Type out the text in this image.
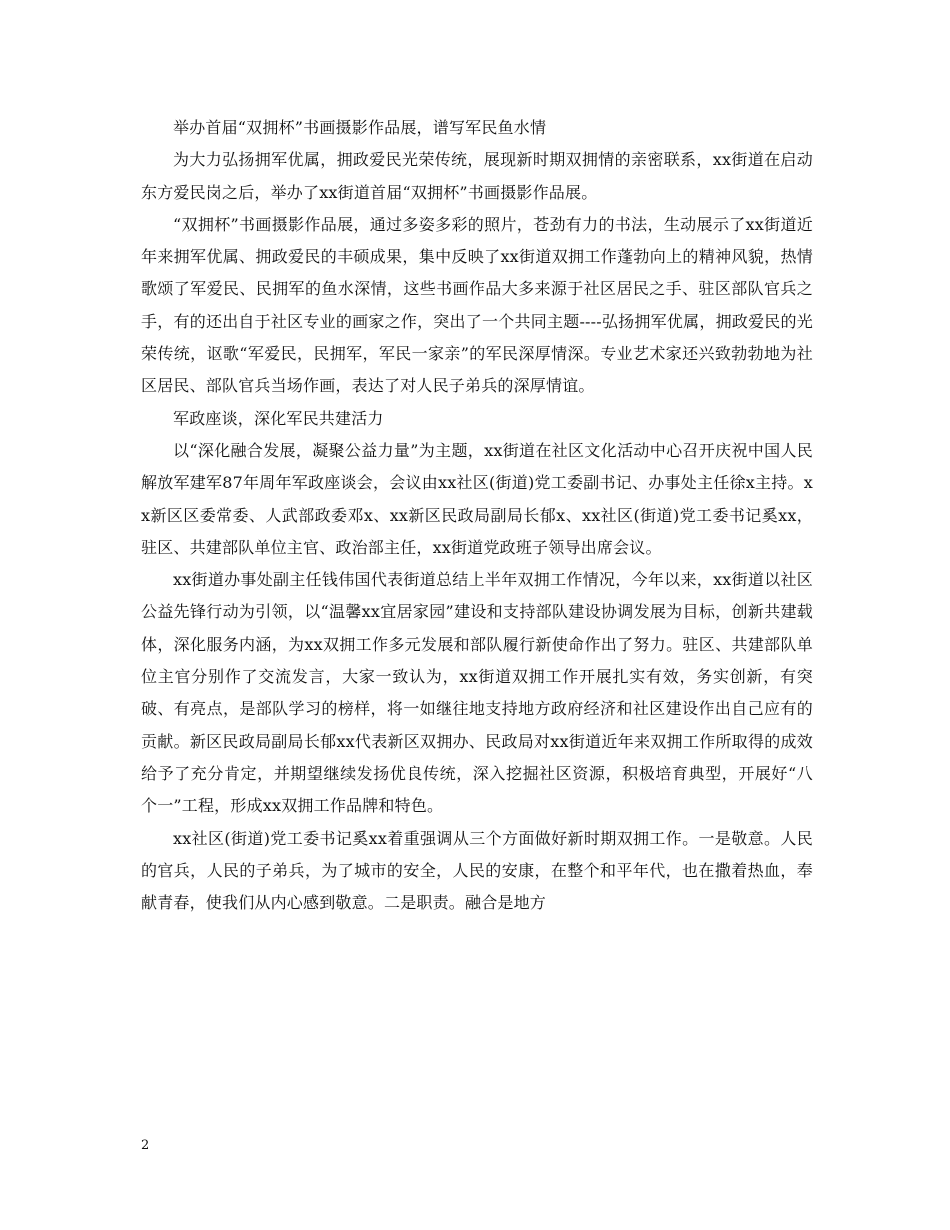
举办首届“双拥杯”书画摄影作品展，谱写军民鱼水情

为大力弘扬拥军优属，拥政爱民光荣传统，展现新时期双拥情的亲密联系，xx街道在启动东方爱民岗之后，举办了xx街道首届“双拥杯”书画摄影作品展。

“双拥杯”书画摄影作品展，通过多姿多彩的照片，苍劲有力的书法，生动展示了xx街道近年来拥军优属、拥政爱民的丰硕成果，集中反映了xx街道双拥工作蓬勃向上的精神风貌，热情歌颂了军爱民、民拥军的鱼水深情，这些书画作品大多来源于社区居民之手、驻区部队官兵之手，有的还出自于社区专业的画家之作，突出了一个共同主题----弘扬拥军优属，拥政爱民的光荣传统，讴歌“军爱民，民拥军，军民一家亲”的军民深厚情深。专业艺术家还兴致勃勃地为社区居民、部队官兵当场作画，表达了对人民子弟兵的深厚情谊。

军政座谈，深化军民共建活力

以“深化融合发展，凝聚公益力量”为主题，xx街道在社区文化活动中心召开庆祝中国人民解放军建军87年周年军政座谈会，会议由xx社区(街道)党工委副书记、办事处主任徐x主持。xx新区区委常委、人武部政委邓x、xx新区民政局副局长郁x、xx社区(街道)党工委书记奚xx，驻区、共建部队单位主官、政治部主任，xx街道党政班子领导出席会议。

xx街道办事处副主任钱伟国代表街道总结上半年双拥工作情况，今年以来，xx街道以社区公益先锋行动为引领，以“温馨xx宜居家园”建设和支持部队建设协调发展为目标，创新共建载体，深化服务内涵，为xx双拥工作多元发展和部队履行新使命作出了努力。驻区、共建部队单位主官分别作了交流发言，大家一致认为，xx街道双拥工作开展扎实有效，务实创新，有突破、有亮点，是部队学习的榜样，将一如继往地支持地方政府经济和社区建设作出自己应有的贡献。新区民政局副局长郁xx代表新区双拥办、民政局对xx街道近年来双拥工作所取得的成效给予了充分肯定，并期望继续发扬优良传统，深入挖掘社区资源，积极培育典型，开展好“八个一”工程，形成xx双拥工作品牌和特色。

xx社区(街道)党工委书记奚xx着重强调从三个方面做好新时期双拥工作。一是敬意。人民的官兵，人民的子弟兵，为了城市的安全，人民的安康，在整个和平年代，也在撒着热血，奉献青春，使我们从内心感到敬意。二是职责。融合是地方

2
